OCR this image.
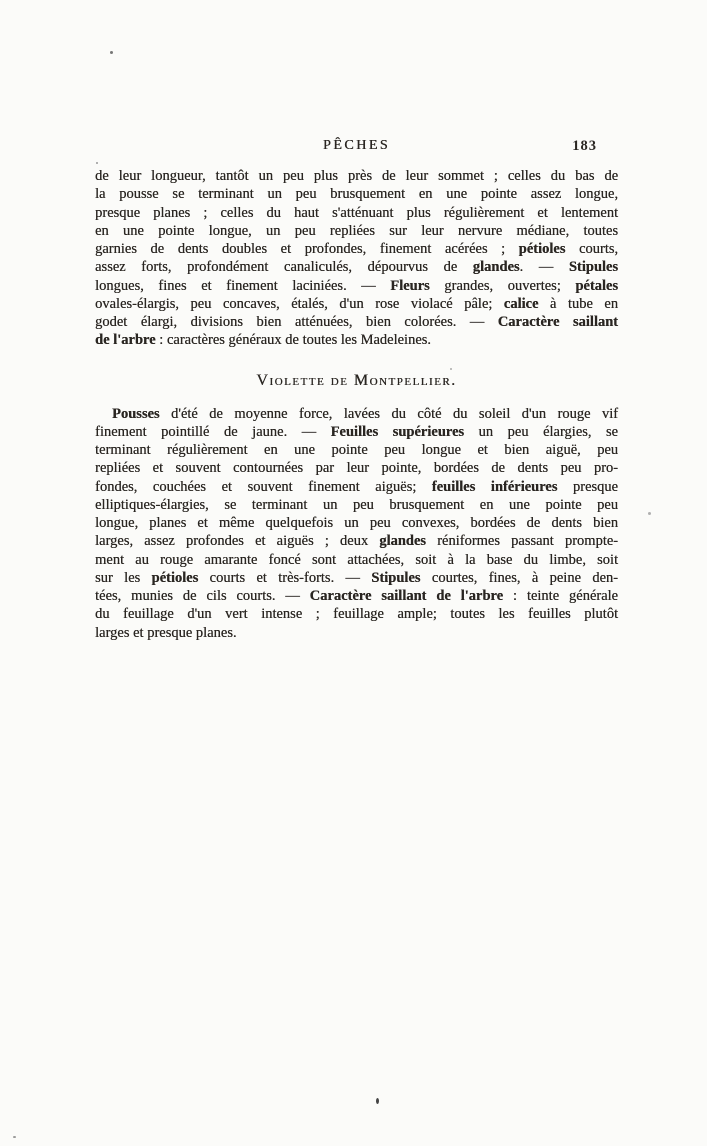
PÊCHES	183
de leur longueur, tantôt un peu plus près de leur sommet ; celles du bas de
la pousse se terminant un peu brusquement en une pointe assez longue,
presque planes ; celles du haut s'atténuant plus régulièrement et lentement
en une pointe longue, un peu repliées sur leur nervure médiane, toutes
garnies de dents doubles et profondes, finement acérées ; pétioles courts,
assez forts, profondément canaliculés, dépourvus de glandes. — Stipules
longues, fines et finement laciniées. — Fleurs grandes, ouvertes; pétales
ovales-élargis, peu concaves, étalés, d'un rose violacé pâle; calice à tube en
godet élargi, divisions bien atténuées, bien colorées. — Caractère saillant
de l'arbre : caractères généraux de toutes les Madeleines.
Violette de Montpellier.
Pousses d'été de moyenne force, lavées du côté du soleil d'un rouge vif
finement pointillé de jaune. — Feuilles supérieures un peu élargies, se
terminant régulièrement en une pointe peu longue et bien aiguë, peu
repliées et souvent contournées par leur pointe, bordées de dents peu pro-
fondes, couchées et souvent finement aiguës; feuilles inférieures presque
elliptiques-élargies, se terminant un peu brusquement en une pointe peu
longue, planes et même quelquefois un peu convexes, bordées de dents bien
larges, assez profondes et aiguës ; deux glandes réniformes passant prompte-
ment au rouge amarante foncé sont attachées, soit à la base du limbe, soit
sur les pétioles courts et très-forts. — Stipules courtes, fines, à peine den-
tées, munies de cils courts. — Caractère saillant de l'arbre : teinte générale
du feuillage d'un vert intense ; feuillage ample; toutes les feuilles plutôt
larges et presque planes.
